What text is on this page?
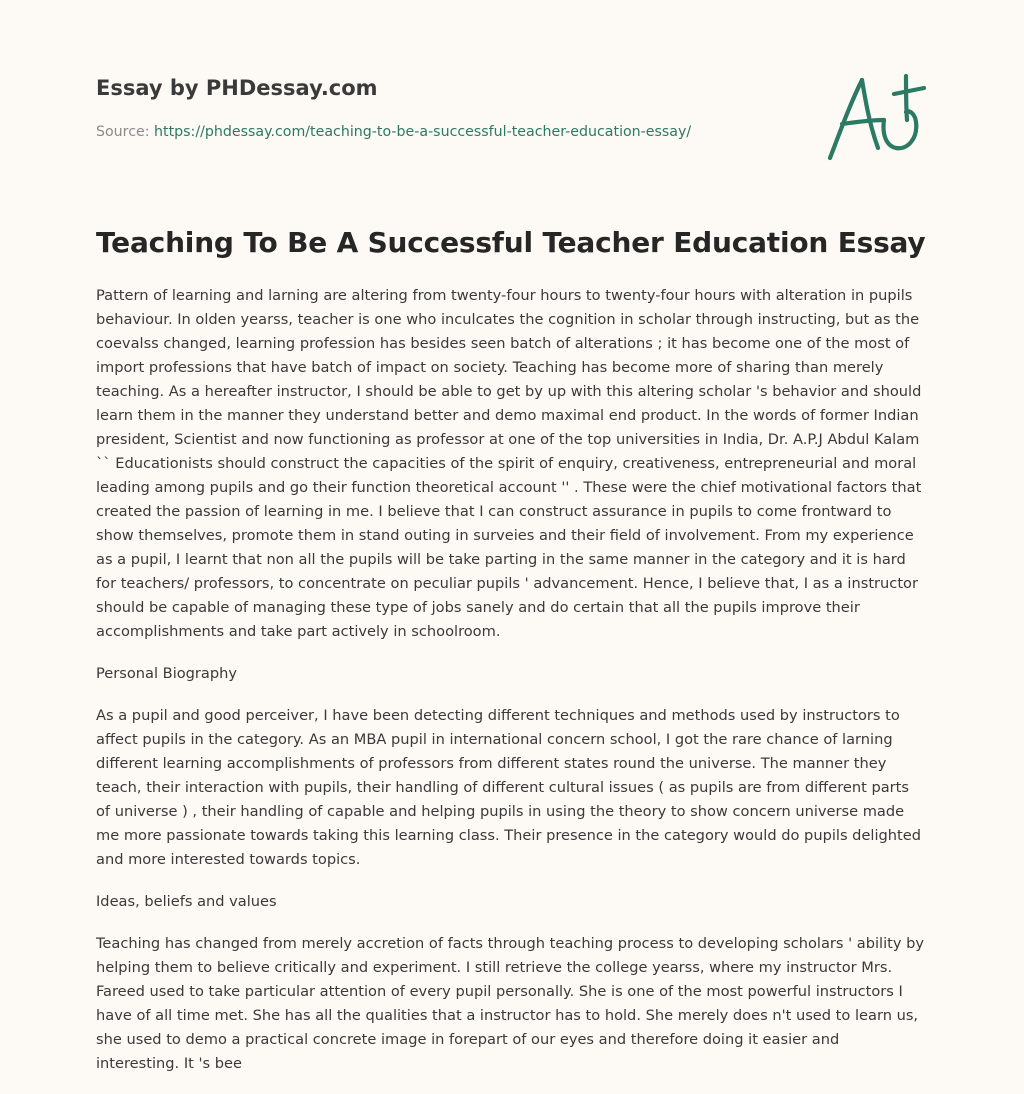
Essay by PHDessay.com
Source: https://phdessay.com/teaching-to-be-a-successful-teacher-education-essay/
Teaching To Be A Successful Teacher Education Essay

Pattern of learning and larning are altering from twenty-four hours to twenty-four hours with alteration in pupils behaviour. In olden yearss, teacher is one who inculcates the cognition in scholar through instructing, but as the coevalss changed, learning profession has besides seen batch of alterations ; it has become one of the most of import professions that have batch of impact on society. Teaching has become more of sharing than merely teaching. As a hereafter instructor, I should be able to get by up with this altering scholar 's behavior and should learn them in the manner they understand better and demo maximal end product. In the words of former Indian president, Scientist and now functioning as professor at one of the top universities in India, Dr. A.P.J Abdul Kalam `` Educationists should construct the capacities of the spirit of enquiry, creativeness, entrepreneurial and moral leading among pupils and go their function theoretical account '' . These were the chief motivational factors that created the passion of learning in me. I believe that I can construct assurance in pupils to come frontward to show themselves, promote them in stand outing in surveies and their field of involvement. From my experience as a pupil, I learnt that non all the pupils will be take parting in the same manner in the category and it is hard for teachers/ professors, to concentrate on peculiar pupils ' advancement. Hence, I believe that, I as a instructor should be capable of managing these type of jobs sanely and do certain that all the pupils improve their accomplishments and take part actively in schoolroom.

Personal Biography

As a pupil and good perceiver, I have been detecting different techniques and methods used by instructors to affect pupils in the category. As an MBA pupil in international concern school, I got the rare chance of larning different learning accomplishments of professors from different states round the universe. The manner they teach, their interaction with pupils, their handling of different cultural issues ( as pupils are from different parts of universe ) , their handling of capable and helping pupils in using the theory to show concern universe made me more passionate towards taking this learning class. Their presence in the category would do pupils delighted and more interested towards topics.

Ideas, beliefs and values

Teaching has changed from merely accretion of facts through teaching process to developing scholars ' ability by helping them to believe critically and experiment. I still retrieve the college yearss, where my instructor Mrs. Fareed used to take particular attention of every pupil personally. She is one of the most powerful instructors I have of all time met. She has all the qualities that a instructor has to hold. She merely does n't used to learn us, she used to demo a practical concrete image in forepart of our eyes and therefore doing it easier and interesting. It 's bee
